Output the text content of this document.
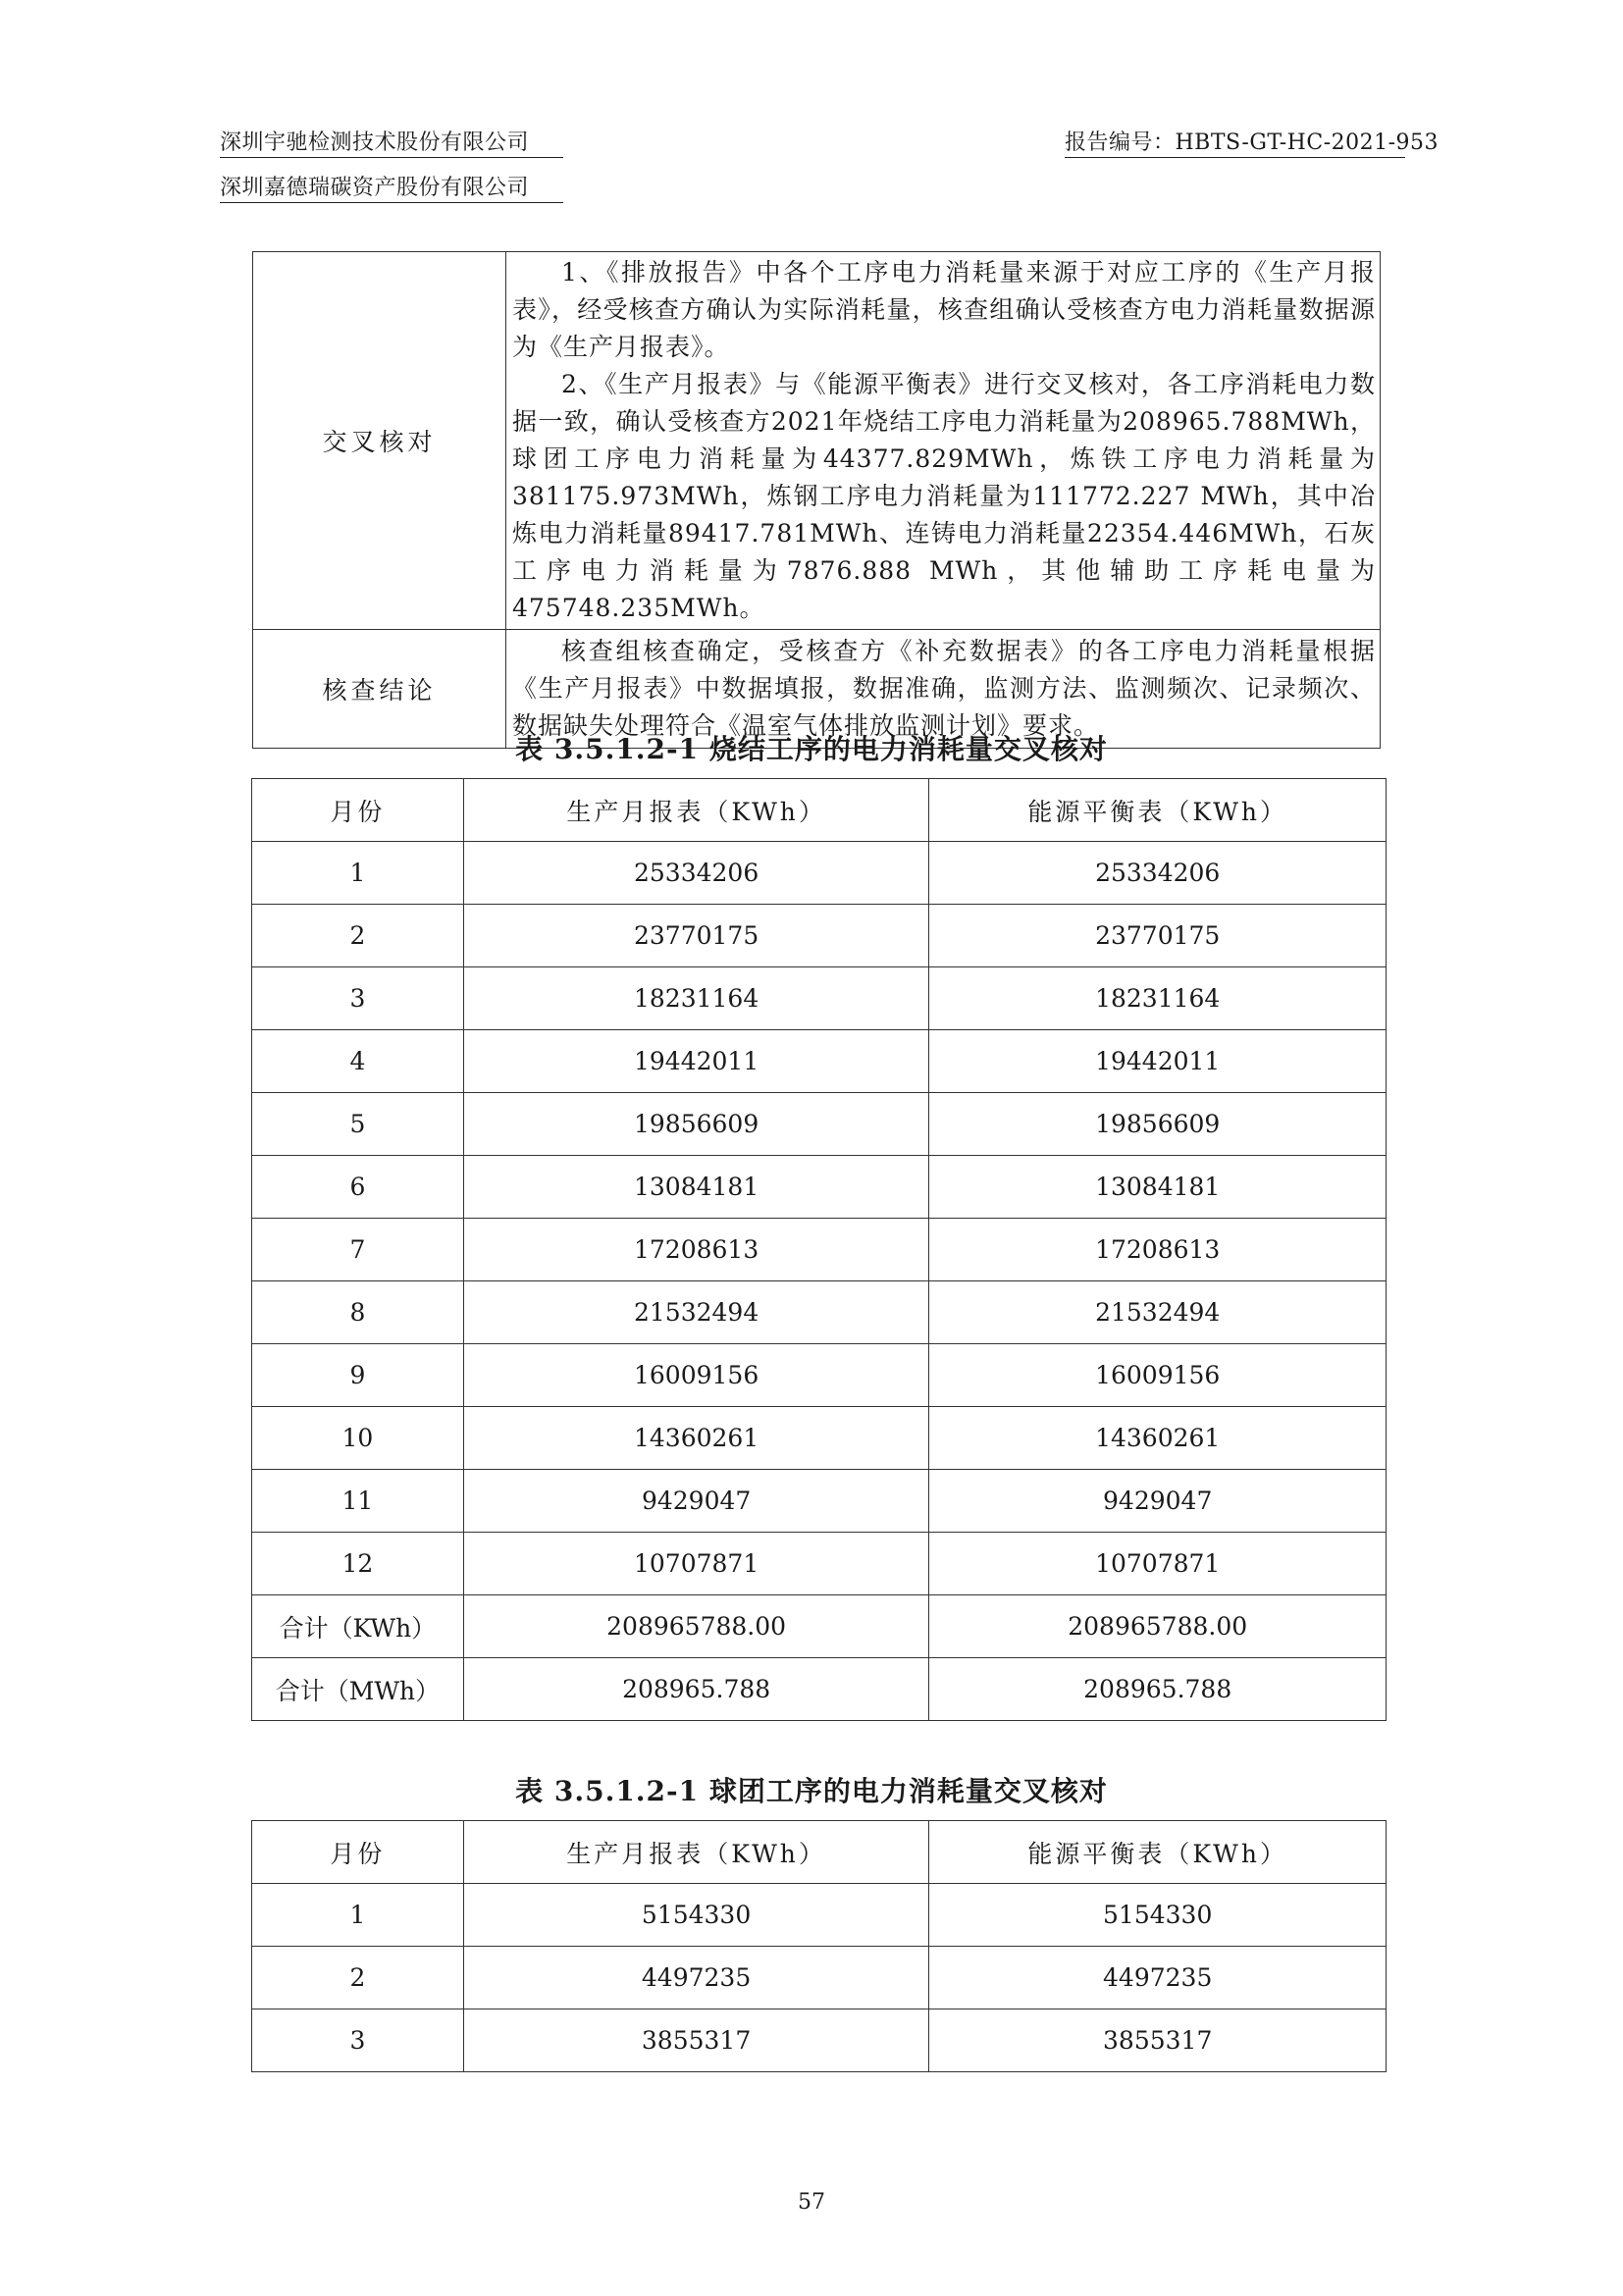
深圳宇驰检测技术股份有限公司	报告编号：HBTS-GT-HC-2021-953
深圳嘉德瑞碳资产股份有限公司
交叉核对	1、《排放报告》中各个工序电力消耗量来源于对应工序的《生产月报表》，经受核查方确认为实际消耗量，核查组确认受核查方电力消耗量数据源为《生产月报表》。

2、《生产月报表》与《能源平衡表》进行交叉核对，各工序消耗电力数据一致，确认受核查方2021年烧结工序电力消耗量为208965.788MWh，球团工序电力消耗量为44377.829MWh，炼铁工序电力消耗量为381175.973MWh，炼钢工序电力消耗量为111772.227 MWh，其中冶炼电力消耗量89417.781MWh、连铸电力消耗量22354.446MWh，石灰工序电力消耗量为7876.888 MWh，其他辅助工序耗电量为475748.235MWh。

核查结论	核查组核查确定，受核查方《补充数据表》的各工序电力消耗量根据《生产月报表》中数据填报，数据准确，监测方法、监测频次、记录频次、数据缺失处理符合《温室气体排放监测计划》要求。

表 3.5.1.2-1 烧结工序的电力消耗量交叉核对
月份	生产月报表（KWh）	能源平衡表（KWh）
1	25334206	25334206
2	23770175	23770175
3	18231164	18231164
4	19442011	19442011
5	19856609	19856609
6	13084181	13084181
7	17208613	17208613
8	21532494	21532494
9	16009156	16009156
10	14360261	14360261
11	9429047	9429047
12	10707871	10707871
合计（KWh）	208965788.00	208965788.00
合计（MWh）	208965.788	208965.788
表 3.5.1.2-1 球团工序的电力消耗量交叉核对
月份	生产月报表（KWh）	能源平衡表（KWh）
1	5154330	5154330
2	4497235	4497235
3	3855317	3855317
57
